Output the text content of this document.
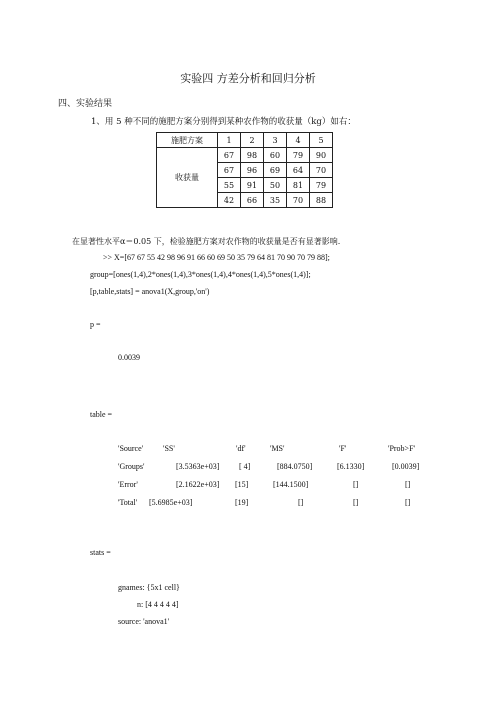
实验四 方差分析和回归分析
四、实验结果
1、用 5 种不同的施肥方案分别得到某种农作物的收获量（kg）如右：
施肥方案	1	2	3	4	5
收获量	67	98	60	79	90
	67	96	69	64	70
	55	91	50	81	79
	42	66	35	70	88
在显著性水平α＝0.05 下，检验施肥方案对农作物的收获量是否有显著影响.
>> X=[67 67 55 42 98 96 91 66 60 69 50 35 79 64 81 70 90 70 79 88];
group=[ones(1,4),2*ones(1,4),3*ones(1,4),4*ones(1,4),5*ones(1,4)];
[p,table,stats] = anova1(X,group,'on')
p =
0.0039
table =
'Source' 'SS'	'df'	'MS'	'F'	'Prob>F'
'Groups'	[3.5363e+03] [ 4]	[884.0750]	[6.1330]	[0.0039]
'Error'	[2.1622e+03] [15]	[144.1500]	[]	[]
'Total' [5.6985e+03]	[19]	[]	[]	[]
stats =
gnames: {5x1 cell}
n: [4 4 4 4 4]
source: 'anova1'
